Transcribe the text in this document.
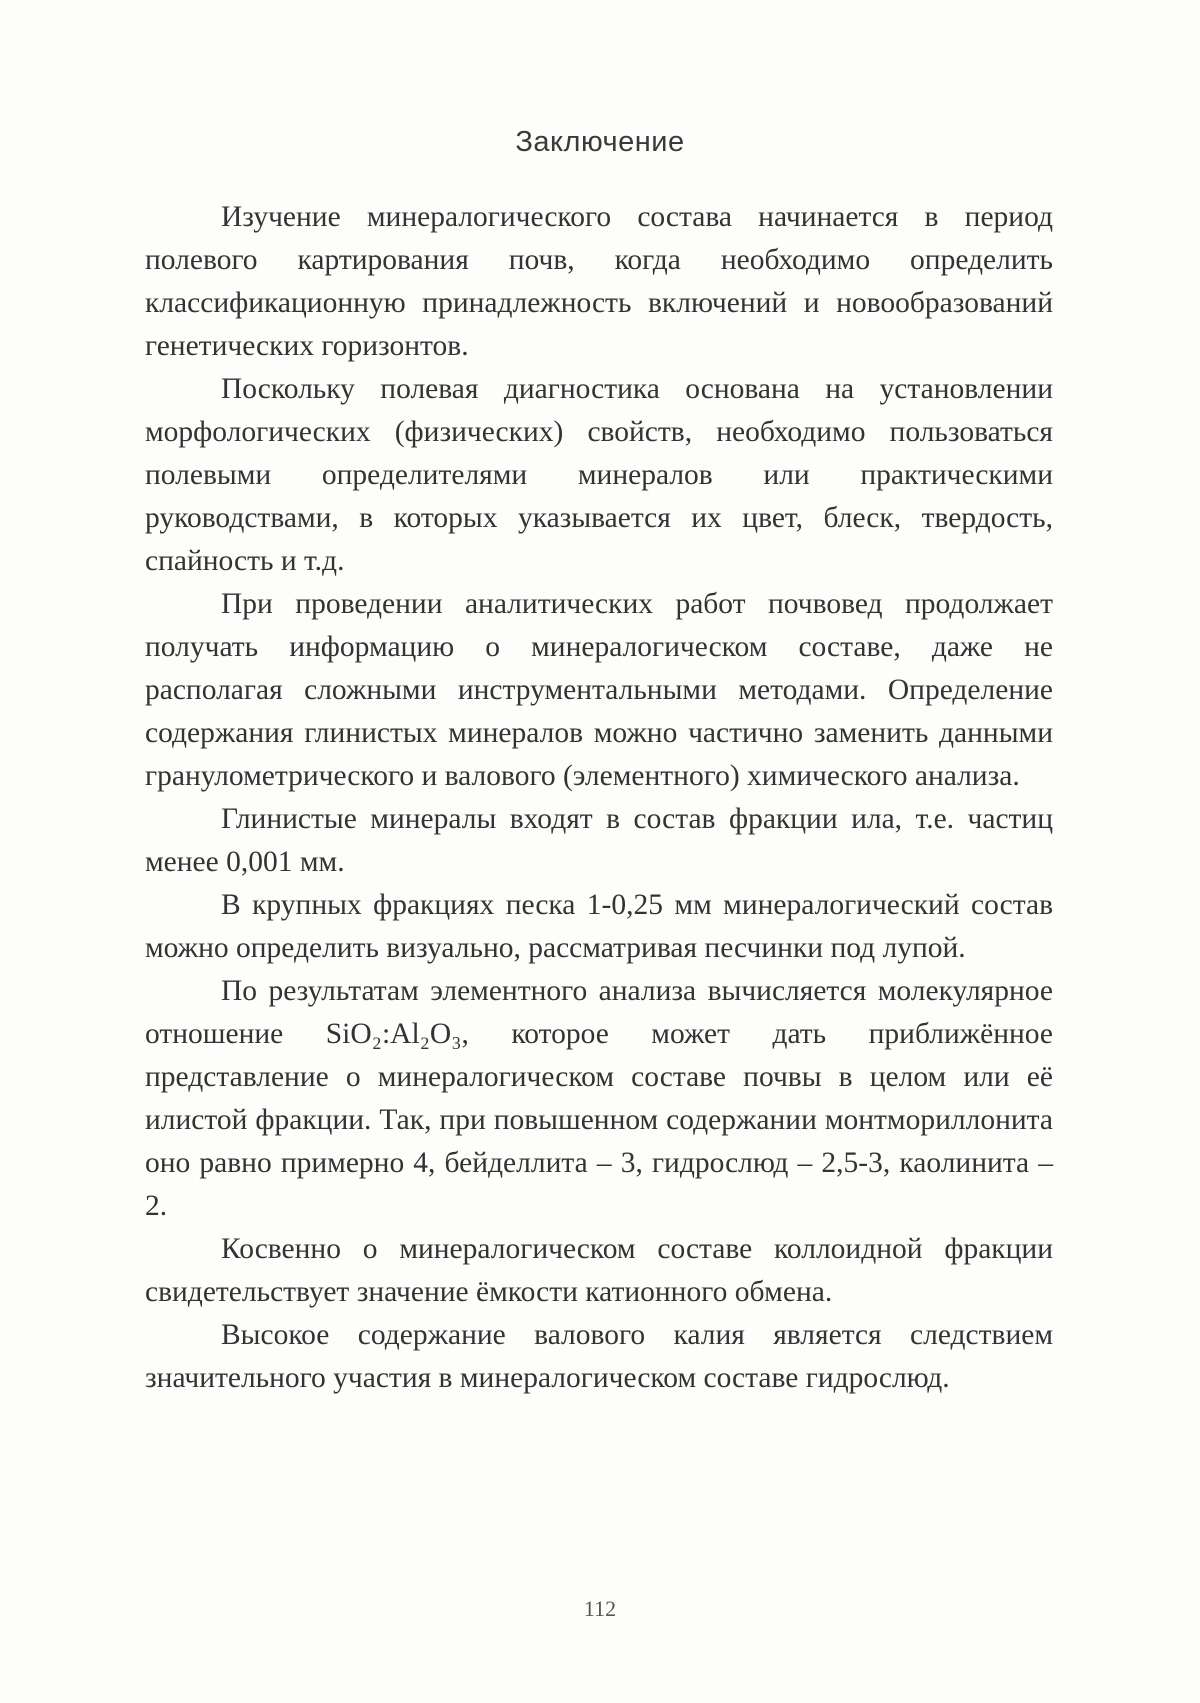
Заключение

Изучение минералогического состава начинается в период полевого картирования почв, когда необходимо определить классификационную принадлежность включений и новообразований генетических горизонтов.

Поскольку полевая диагностика основана на установлении морфологических (физических) свойств, необходимо пользоваться полевыми определителями минералов или практическими руководствами, в которых указывается их цвет, блеск, твердость, спайность и т.д.

При проведении аналитических работ почвовед продолжает получать информацию о минералогическом составе, даже не располагая сложными инструментальными методами. Определение содержания глинистых минералов можно частично заменить данными гранулометрического и валового (элементного) химического анализа.

Глинистые минералы входят в состав фракции ила, т.е. частиц менее 0,001 мм.

В крупных фракциях песка 1-0,25 мм минералогический состав можно определить визуально, рассматривая песчинки под лупой.

По результатам элементного анализа вычисляется молекулярное отношение SiO₂:Al₂O₃, которое может дать приближённое представление о минералогическом составе почвы в целом или её илистой фракции. Так, при повышенном содержании монтмориллонита оно равно примерно 4, бейделлита – 3, гидрослюд – 2,5-3, каолинита – 2.

Косвенно о минералогическом составе коллоидной фракции свидетельствует значение ёмкости катионного обмена.

Высокое содержание валового калия является следствием значительного участия в минералогическом составе гидрослюд.

112
